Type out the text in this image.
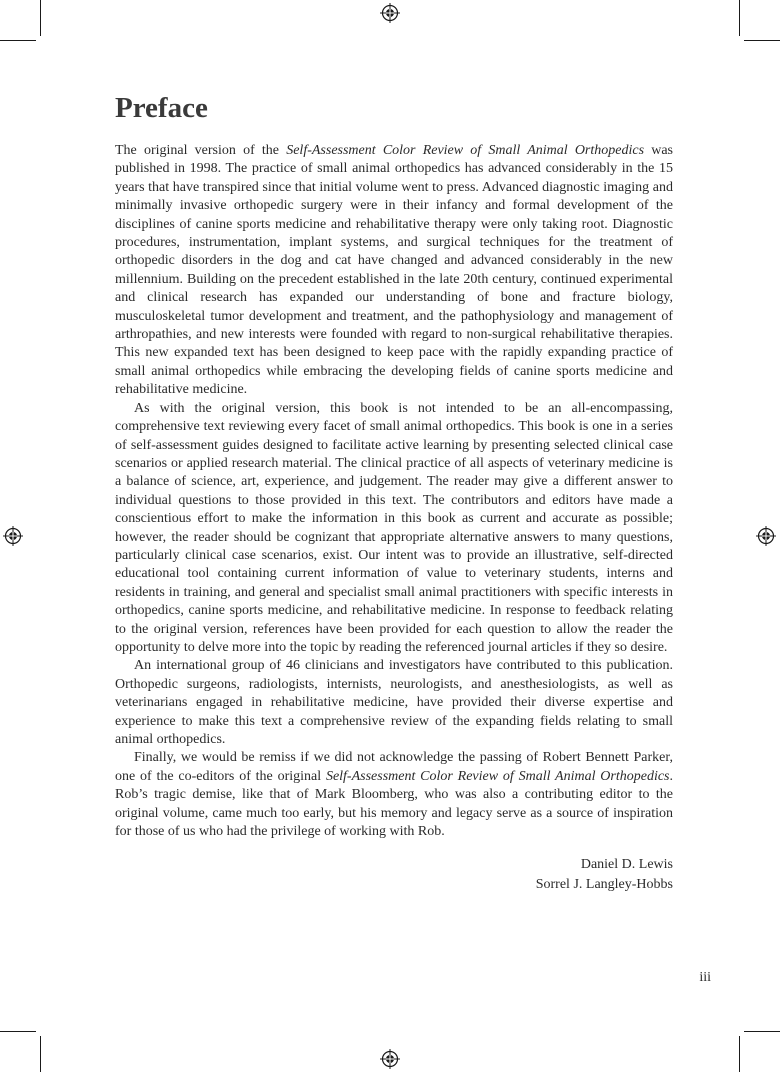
Preface

The original version of the Self-Assessment Color Review of Small Animal Orthopedics was published in 1998. The practice of small animal orthopedics has advanced considerably in the 15 years that have transpired since that initial volume went to press. Advanced diagnostic imaging and minimally invasive orthopedic surgery were in their infancy and formal development of the disciplines of canine sports medicine and rehabilitative therapy were only taking root. Diagnostic procedures, instrumentation, implant systems, and surgical techniques for the treatment of orthopedic disorders in the dog and cat have changed and advanced considerably in the new millennium. Building on the precedent established in the late 20th century, continued experimental and clinical research has expanded our understanding of bone and fracture biology, musculoskeletal tumor development and treatment, and the pathophysiology and management of arthropathies, and new interests were founded with regard to non-surgical rehabilitative therapies. This new expanded text has been designed to keep pace with the rapidly expanding practice of small animal orthopedics while embracing the developing fields of canine sports medicine and rehabilitative medicine.

As with the original version, this book is not intended to be an all-encompassing, comprehensive text reviewing every facet of small animal orthopedics. This book is one in a series of self-assessment guides designed to facilitate active learning by presenting selected clinical case scenarios or applied research material. The clinical practice of all aspects of veterinary medicine is a balance of science, art, experience, and judgement. The reader may give a different answer to individual questions to those provided in this text. The contributors and editors have made a conscientious effort to make the information in this book as current and accurate as possible; however, the reader should be cognizant that appropriate alternative answers to many questions, particularly clinical case scenarios, exist. Our intent was to provide an illustrative, self-directed educational tool containing current information of value to veterinary students, interns and residents in training, and general and specialist small animal practitioners with specific interests in orthopedics, canine sports medicine, and rehabilitative medicine. In response to feedback relating to the original version, references have been provided for each question to allow the reader the opportunity to delve more into the topic by reading the referenced journal articles if they so desire.

An international group of 46 clinicians and investigators have contributed to this publication. Orthopedic surgeons, radiologists, internists, neurologists, and anesthesiologists, as well as veterinarians engaged in rehabilitative medicine, have provided their diverse expertise and experience to make this text a comprehensive review of the expanding fields relating to small animal orthopedics.

Finally, we would be remiss if we did not acknowledge the passing of Robert Bennett Parker, one of the co-editors of the original Self-Assessment Color Review of Small Animal Orthopedics. Rob’s tragic demise, like that of Mark Bloomberg, who was also a contributing editor to the original volume, came much too early, but his memory and legacy serve as a source of inspiration for those of us who had the privilege of working with Rob.

Daniel D. Lewis
Sorrel J. Langley-Hobbs
iii
